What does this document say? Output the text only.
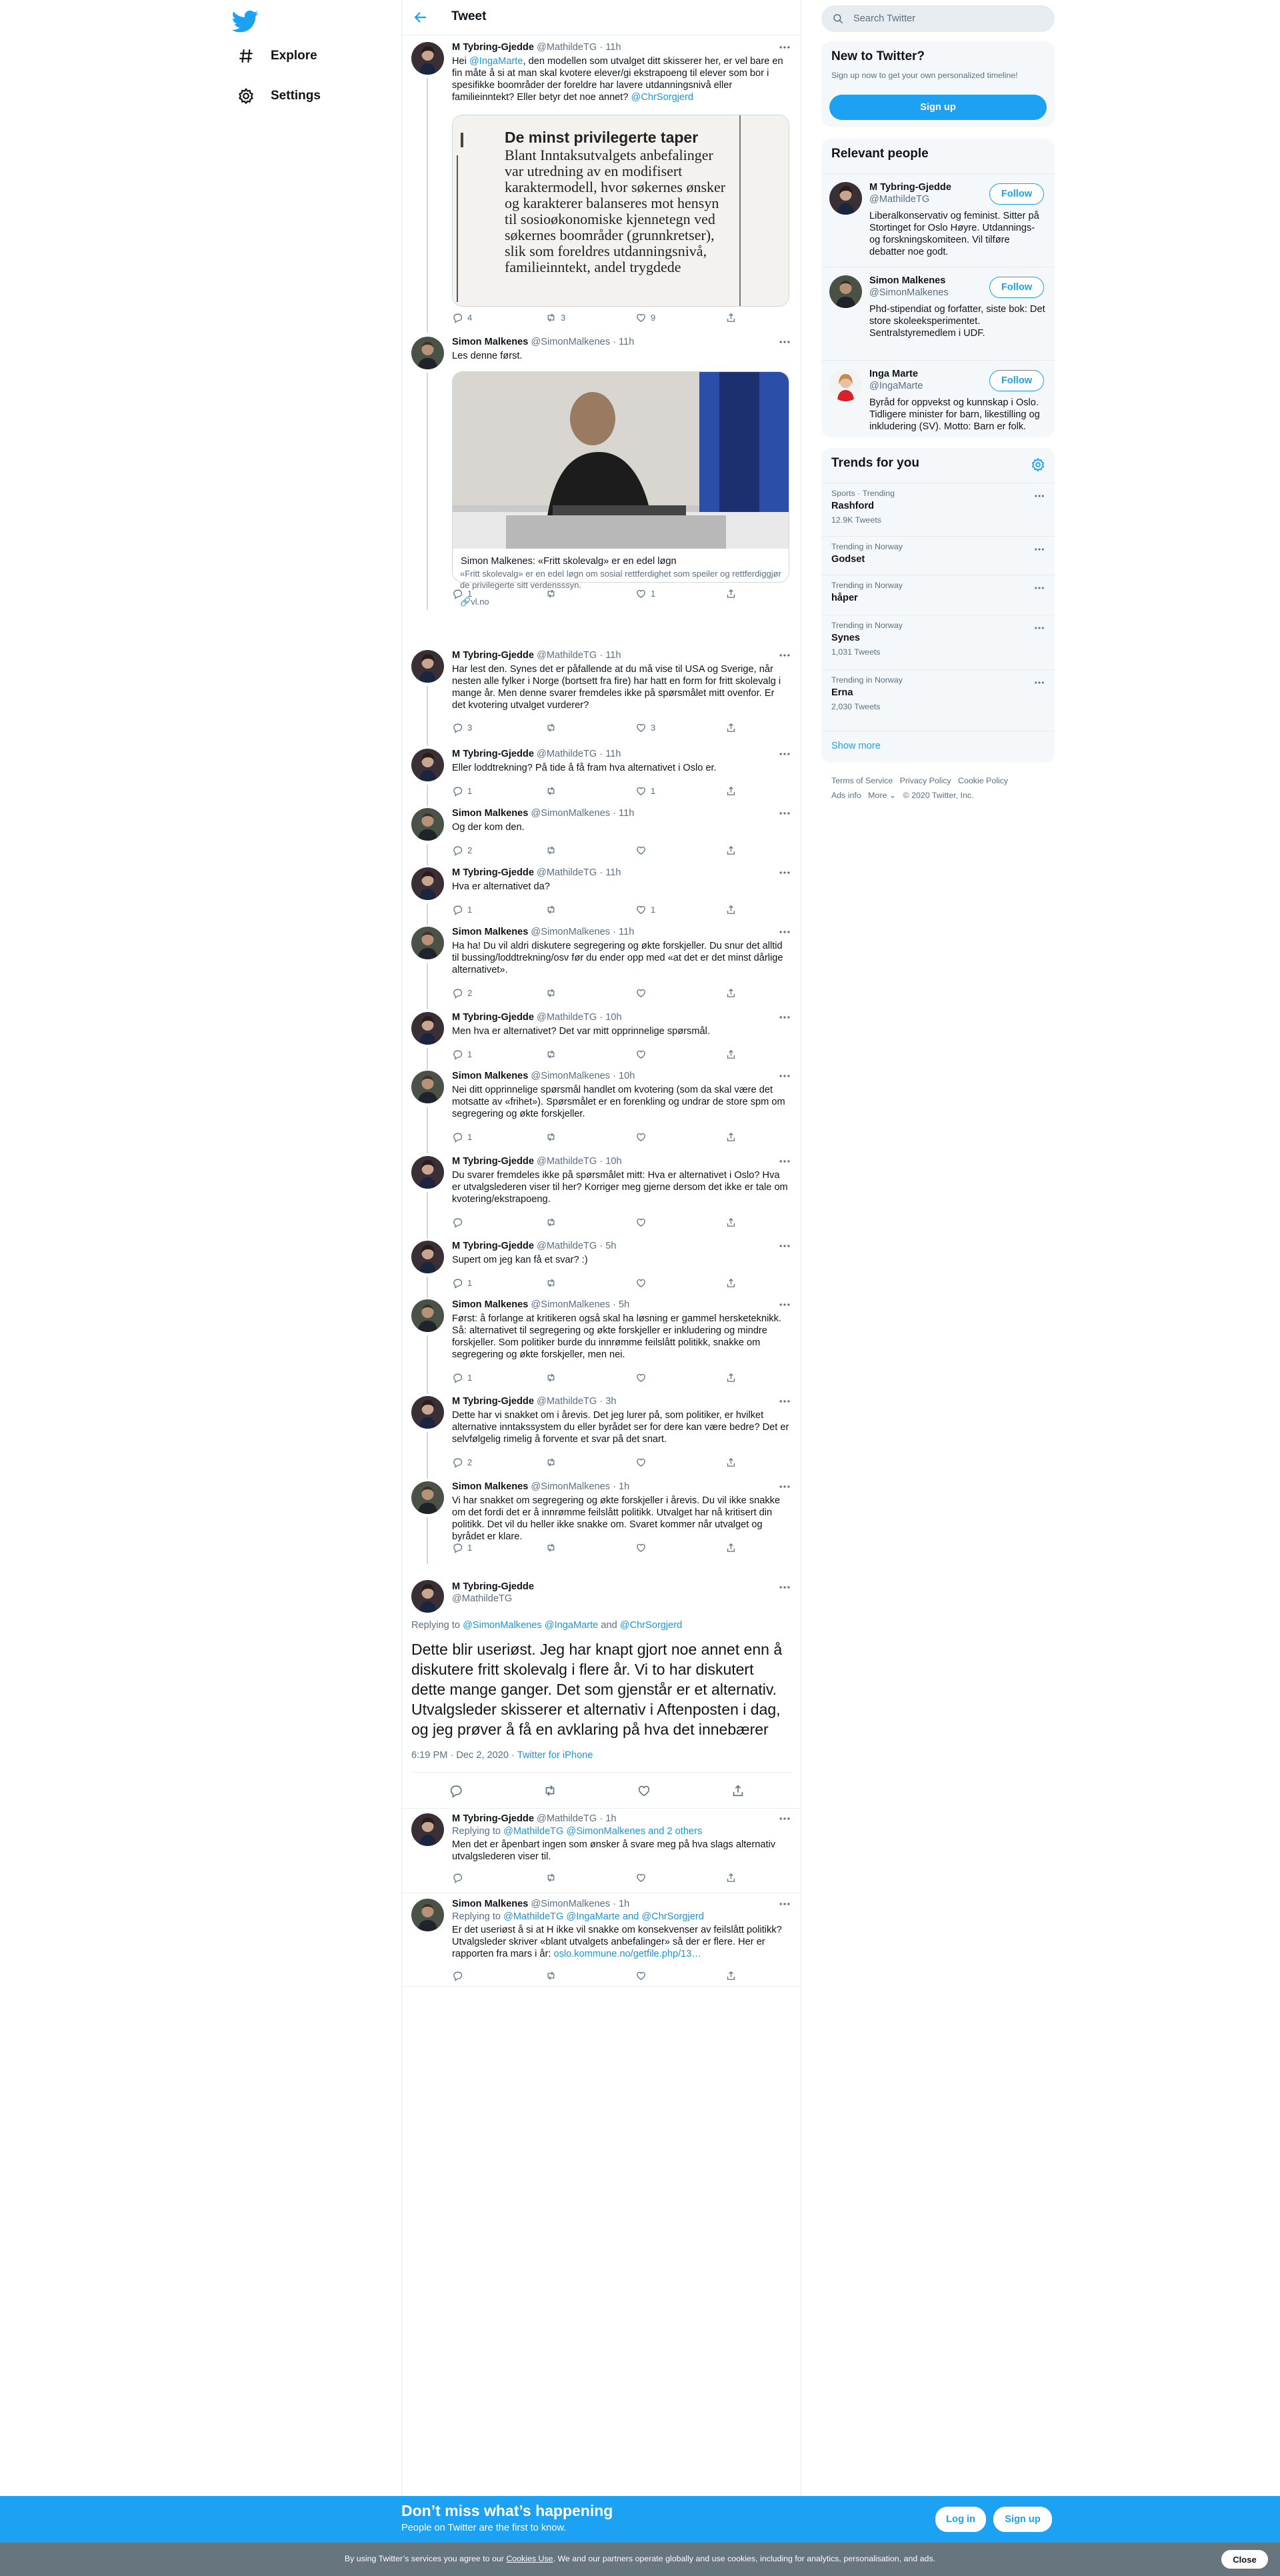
Explore
Settings
Tweet
M Tybring-Gjedde @MathildeTG · 11h
Hei @IngaMarte, den modellen som utvalget ditt skisserer her, er vel bare en fin måte å si at man skal kvotere elever/gi ekstrapoeng til elever som bor i spesifikke boområder der foreldre har lavere utdanningsnivå eller familieinntekt? Eller betyr det noe annet? @ChrSorgjerd
De minst privilegerte taper
Blant Inntaksutvalgets anbefalinger var utredning av en modifisert karaktermodell, hvor søkernes ønsker og karakterer balanseres mot hensyn til sosioøkonomiske kjennetegn ved søkernes boområder (grunnkretser), slik som foreldres utdanningsnivå, familieinntekt, andel trygdede
4	3	9
Simon Malkenes @SimonMalkenes · 11h
Les denne først.
Simon Malkenes: «Fritt skolevalg» er en edel løgn
«Fritt skolevalg» er en edel løgn om sosial rettferdighet som speiler og rettferdiggjør de privilegerte sitt verdensssyn.
1	1
M Tybring-Gjedde @MathildeTG · 11h
Har lest den. Synes det er påfallende at du må vise til USA og Sverige, når nesten alle fylker i Norge (bortsett fra fire) har hatt en form for fritt skolevalg i mange år. Men denne svarer fremdeles ikke på spørsmålet mitt ovenfor. Er det kvotering utvalget vurderer?
3	3
M Tybring-Gjedde @MathildeTG · 11h
Eller loddtrekning? På tide å få fram hva alternativet i Oslo er.
1	1
Simon Malkenes @SimonMalkenes · 11h
Og der kom den.
2
M Tybring-Gjedde @MathildeTG · 11h
Hva er alternativet da?
1	1
Simon Malkenes @SimonMalkenes · 11h
Ha ha! Du vil aldri diskutere segregering og økte forskjeller. Du snur det alltid til bussing/loddtrekning/osv før du ender opp med «at det er det minst dårlige alternativet».
2
M Tybring-Gjedde @MathildeTG · 10h
Men hva er alternativet? Det var mitt opprinnelige spørsmål.
1
Simon Malkenes @SimonMalkenes · 10h
Nei ditt opprinnelige spørsmål handlet om kvotering (som da skal være det motsatte av «frihet»). Spørsmålet er en forenkling og undrar de store spm om segregering og økte forskjeller.
1
M Tybring-Gjedde @MathildeTG · 10h
Du svarer fremdeles ikke på spørsmålet mitt: Hva er alternativet i Oslo? Hva er utvalgslederen viser til her? Korriger meg gjerne dersom det ikke er tale om kvotering/ekstrapoeng.
M Tybring-Gjedde @MathildeTG · 5h
Supert om jeg kan få et svar? :)
1
Simon Malkenes @SimonMalkenes · 5h
Først: å forlange at kritikeren også skal ha løsning er gammel hersketeknikk. Så: alternativet til segregering og økte forskjeller er inkludering og mindre forskjeller. Som politiker burde du innrømme feilslått politikk, snakke om segregering og økte forskjeller, men nei.
1
M Tybring-Gjedde @MathildeTG · 3h
Dette har vi snakket om i årevis. Det jeg lurer på, som politiker, er hvilket alternative inntakssystem du eller byrådet ser for dere kan være bedre? Det er selvfølgelig rimelig å forvente et svar på det snart.
2
Simon Malkenes @SimonMalkenes · 1h
Vi har snakket om segregering og økte forskjeller i årevis. Du vil ikke snakke om det fordi det er å innrømme feilslått politikk. Utvalget har nå kritisert din politikk. Det vil du heller ikke snakke om. Svaret kommer når utvalget og byrådet er klare.
1
🔗vl.no
M Tybring-Gjedde
@MathildeTG
Replying to @SimonMalkenes @IngaMarte and @ChrSorgjerd
Dette blir useriøst. Jeg har knapt gjort noe annet enn å diskutere fritt skolevalg i flere år. Vi to har diskutert dette mange ganger. Det som gjenstår er et alternativ. Utvalgsleder skisserer et alternativ i Aftenposten i dag, og jeg prøver å få en avklaring på hva det innebærer
6:19 PM · Dec 2, 2020 · Twitter for iPhone
M Tybring-Gjedde @MathildeTG · 1h
Replying to @MathildeTG @SimonMalkenes and 2 others
Men det er åpenbart ingen som ønsker å svare meg på hva slags alternativ utvalgslederen viser til.
Simon Malkenes @SimonMalkenes · 1h
Replying to @MathildeTG @IngaMarte and @ChrSorgjerd
Er det useriøst å si at H ikke vil snakke om konsekvenser av feilslått politikk? Utvalgsleder skriver «blant utvalgets anbefalinger» så der er flere. Her er rapporten fra mars i år: oslo.kommune.no/getfile.php/13…
Search Twitter
New to Twitter?
Sign up now to get your own personalized timeline!
Sign up
Relevant people
M Tybring-Gjedde
@MathildeTG	Follow
Liberalkonservativ og feminist. Sitter på Stortinget for Oslo Høyre. Utdannings- og forskningskomiteen. Vil tilføre debatter noe godt.
Simon Malkenes
@SimonMalkenes	Follow
Phd-stipendiat og forfatter, siste bok: Det store skoleeksperimentet. Sentralstyremedlem i UDF.
Inga Marte
@IngaMarte	Follow
Byråd for oppvekst og kunnskap i Oslo. Tidligere minister for barn, likestilling og inkludering (SV). Motto: Barn er folk.
Trends for you
Sports · Trending
Rashford
12.9K Tweets
Trending in Norway
Godset
Trending in Norway
håper
Trending in Norway
Synes
1,031 Tweets
Trending in Norway
Erna
2,030 Tweets
Show more
Terms of Service Privacy Policy Cookie Policy
Ads info More ⌄ © 2020 Twitter, Inc.
Don’t miss what’s happening
People on Twitter are the first to know.
Log in	Sign up
By using Twitter’s services you agree to our Cookies Use. We and our partners operate globally and use cookies, including for analytics, personalisation, and ads.	Close
